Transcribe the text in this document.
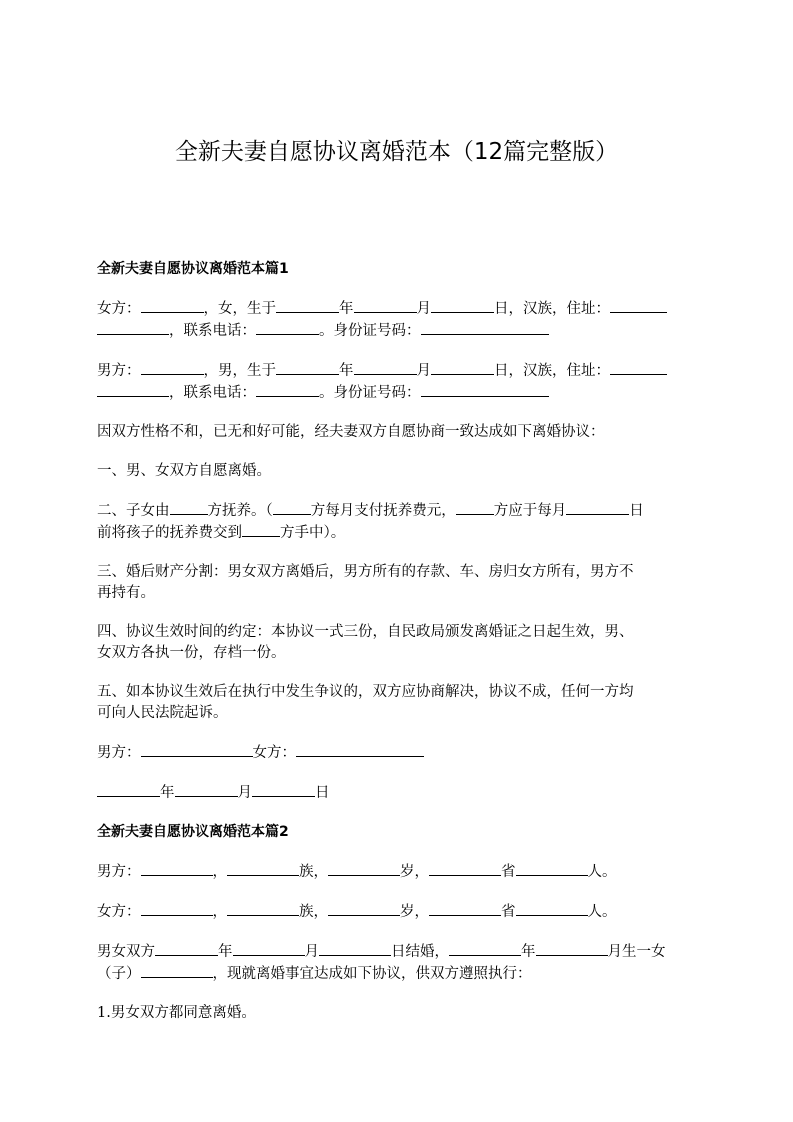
全新夫妻自愿协议离婚范本（12篇完整版）

全新夫妻自愿协议离婚范本篇1

女方：	，女，生于	年	月	日，汉族，住址：

，联系电话：	。身份证号码：

男方：	，男，生于	年	月	日，汉族，住址：

，联系电话：	。身份证号码：

因双方性格不和，已无和好可能，经夫妻双方自愿协商一致达成如下离婚协议：

一、男、女双方自愿离婚。

二、子女由	方抚养。（	方每月支付抚养费元，	方应于每月	日

前将孩子的抚养费交到	方手中）。

三、婚后财产分割：男女双方离婚后，男方所有的存款、车、房归女方所有，男方不

再持有。

四、协议生效时间的约定：本协议一式三份，自民政局颁发离婚证之日起生效，男、

女双方各执一份，存档一份。

五、如本协议生效后在执行中发生争议的，双方应协商解决，协议不成，任何一方均

可向人民法院起诉。

男方：	女方：

年	月	日

全新夫妻自愿协议离婚范本篇2

男方：	，	族，	岁，	省	人。

女方：	，	族，	岁，	省	人。

男女双方	年	月	日结婚，	年	月生一女

（子）	，现就离婚事宜达成如下协议，供双方遵照执行：

1.男女双方都同意离婚。
